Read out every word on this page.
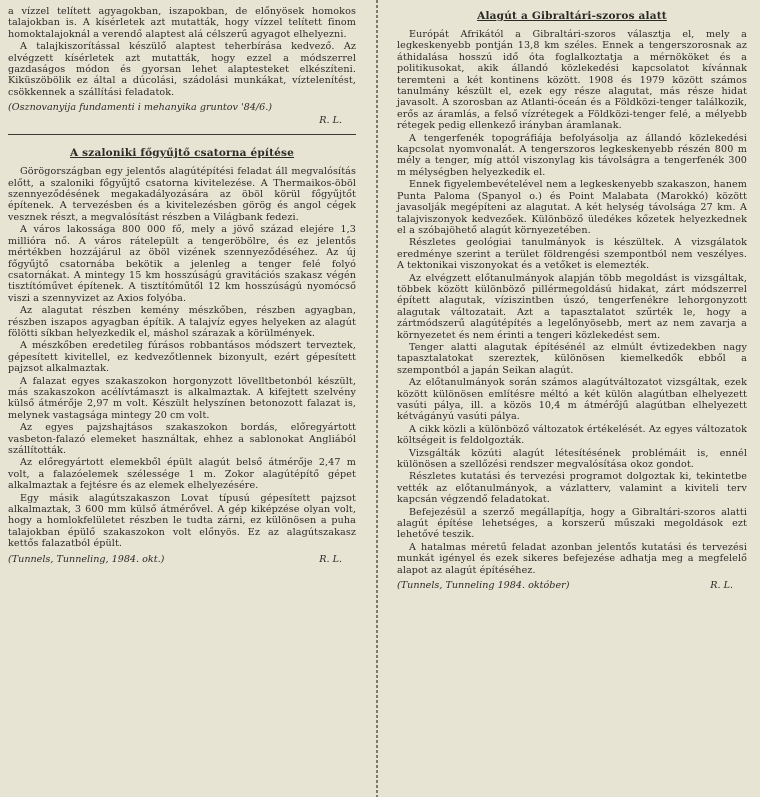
a vízzel telített agyagokban, iszapokban, de előnyösek homokos talajokban is. A kísérletek azt mutatták, hogy vízzel telített finom homoktalajoknál a verendő alaptest alá célszerű agyagot elhelyezni.

A talajkiszorítással készülő alaptest teherbírása kedvező. Az elvégzett kísérletek azt mutatták, hogy ezzel a módszerrel gazdaságos módon és gyorsan lehet alaptesteket elkészíteni. Kiküszöbölik ez által a dúcolási, szádolási munkákat, víztelenítést, csökkennek a szállítási feladatok.

(Osznovanyija fundamenti i mehanyika gruntov '84/6.)
R. L.
A szaloniki főgyűjtő csatorna építése

Görögországban egy jelentős alagútépítési feladat áll megvalósítás előtt, a szaloniki főgyűjtő csatorna kivitelezése. A Thermaikos-öböl szennyeződésének megakadályozására az öböl körül főgyűjtőt építenek. A tervezésben és a kivitelezésben görög és angol cégek vesznek részt, a megvalósítást részben a Világbank fedezi.

A város lakossága 800 000 fő, mely a jövő század elejére 1,3 millióra nő. A város rátelepült a tengeröbölre, és ez jelentős mértékben hozzájárul az öböl vizének szennyeződéséhez. Az új főgyűjtő csatornába bekötik a jelenleg a tenger felé folyó csatornákat. A mintegy 15 km hosszúságú gravitációs szakasz végén tisztítóművet építenek. A tisztítóműtől 12 km hosszúságú nyomócső viszi a szennyvizet az Axios folyóba.

Az alagutat részben kemény mészkőben, részben agyagban, részben iszapos agyagban építik. A talajvíz egyes helyeken az alagút fölötti síkban helyezkedik el, máshol szárazak a körülmények.

A mészkőben eredetileg fúrásos robbantásos módszert terveztek, gépesített kivitellel, ez kedvezőtlennek bizonyult, ezért gépesített pajzsot alkalmaztak.

A falazat egyes szakaszokon horgonyzott lövelltbetonból készült, más szakaszokon acélívtámaszt is alkalmaztak. A kifejtett szelvény külső átmérője 2,97 m volt. Készült helyszínen betonozott falazat is, melynek vastagsága mintegy 20 cm volt.

Az egyes pajzshajtásos szakaszokon bordás, előregyártott vasbeton-falazó elemeket használtak, ehhez a sablonokat Angliából szállították.

Az előregyártott elemekből épült alagút belső átmérője 2,47 m volt, a falazóelemek szélessége 1 m. Zokor alagútépítő gépet alkalmaztak a fejtésre és az elemek elhelyezésére.

Egy másik alagútszakaszon Lovat típusú gépesített pajzsot alkalmaztak, 3 600 mm külső átmérővel. A gép kiképzése olyan volt, hogy a homlokfelületet részben le tudta zárni, ez különösen a puha talajokban épülő szakaszokon volt előnyös. Ez az alagútszakasz kettős falazatból épült.

(Tunnels, Tunneling, 1984. okt.)	R. L.
Alagút a Gibraltári-szoros alatt

Európát Afrikától a Gibraltári-szoros választja el, mely a legkeskenyebb pontján 13,8 km széles. Ennek a tengerszorosnak az áthidalása hosszú idő óta foglalkoztatja a mérnököket és a politikusokat, akik állandó közlekedési kapcsolatot kívánnak teremteni a két kontinens között. 1908 és 1979 között számos tanulmány készült el, ezek egy része alagutat, más része hidat javasolt. A szorosban az Atlanti-óceán és a Földközi-tenger találkozik, erős az áramlás, a felső vízrétegek a Földközi-tenger felé, a mélyebb rétegek pedig ellenkező irányban áramlanak.

A tengerfenék topográfiája befolyásolja az állandó közlekedési kapcsolat nyomvonalát. A tengerszoros legkeskenyebb részén 800 m mély a tenger, míg attól viszonylag kis távolságra a tengerfenék 300 m mélységben helyezkedik el.

Ennek figyelembevételével nem a legkeskenyebb szakaszon, hanem Punta Paloma (Spanyol o.) és Point Malabata (Marokkó) között javasolják megépíteni az alagutat. A két helység távolsága 27 km. A talajviszonyok kedvezőek. Különböző üledékes kőzetek helyezkednek el a szóbajöhető alagút környezetében.

Részletes geológiai tanulmányok is készültek. A vizsgálatok eredménye szerint a terület földrengési szempontból nem veszélyes. A tektonikai viszonyokat és a vetőket is elemezték.

Az elvégzett előtanulmányok alapján több megoldást is vizsgáltak, többek között különböző pillérmegoldású hidakat, zárt módszerrel épített alagutak, víziszintben úszó, tengerfenékre lehorgonyzott alagutak változatait. Azt a tapasztalatot szűrték le, hogy a zártmódszerű alagútépítés a legelőnyösebb, mert az nem zavarja a környezetet és nem érinti a tengeri közlekedést sem.

Tenger alatti alagutak építésénél az elmúlt évtizedekben nagy tapasztalatokat szereztek, különösen kiemelkedők ebből a szempontból a japán Seikan alagút.

Az előtanulmányok során számos alagútváltozatot vizsgáltak, ezek között különösen említésre méltó a két külön alagútban elhelyezett vasúti pálya, ill. a közös 10,4 m átmérőjű alagútban elhelyezett kétvágányú vasúti pálya.

A cikk közli a különböző változatok értékelését. Az egyes változatok költségeit is feldolgozták.

Vizsgálták közúti alagút létesítésének problémáit is, ennél különösen a szellőzési rendszer megvalósítása okoz gondot.

Részletes kutatási és tervezési programot dolgoztak ki, tekintetbe vették az előtanulmányok, a vázlatterv, valamint a kiviteli terv kapcsán végzendő feladatokat.

Befejezésül a szerző megállapítja, hogy a Gibraltári-szoros alatti alagút építése lehetséges, a korszerű műszaki megoldások ezt lehetővé teszik.

A hatalmas méretű feladat azonban jelentős kutatási és tervezési munkát igényel és ezek sikeres befejezése adhatja meg a megfelelő alapot az alagút építéséhez.

(Tunnels, Tunneling 1984. október)	R. L.
